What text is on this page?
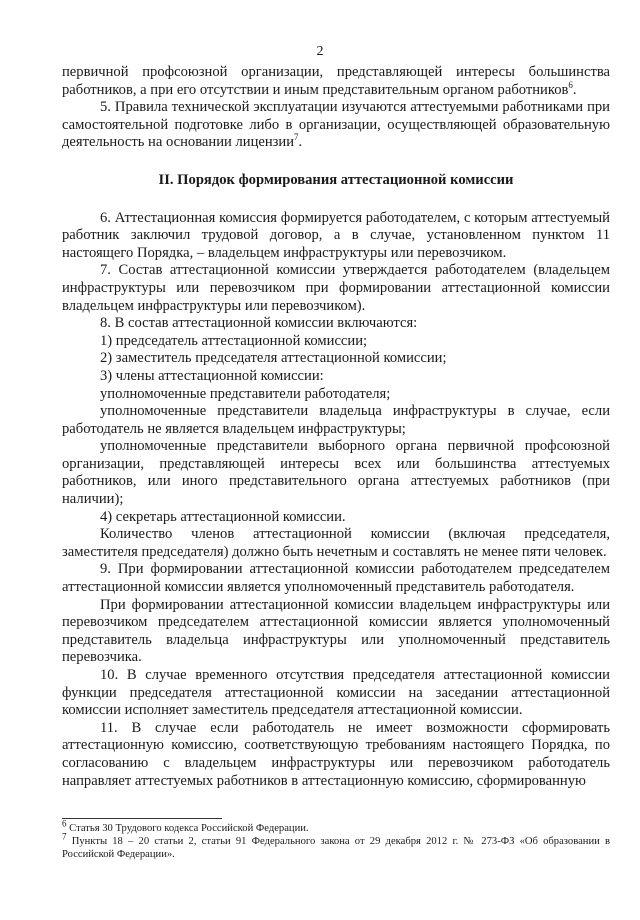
2

первичной профсоюзной организации, представляющей интересы большинства работников, а при его отсутствии и иным представительным органом работников$^6$.

5. Правила технической эксплуатации изучаются аттестуемыми работниками при самостоятельной подготовке либо в организации, осуществляющей образовательную деятельность на основании лицензии$^7$.

II. Порядок формирования аттестационной комиссии

6. Аттестационная комиссия формируется работодателем, с которым аттестуемый работник заключил трудовой договор, а в случае, установленном пунктом 11 настоящего Порядка, – владельцем инфраструктуры или перевозчиком.

7. Состав аттестационной комиссии утверждается работодателем (владельцем инфраструктуры или перевозчиком при формировании аттестационной комиссии владельцем инфраструктуры или перевозчиком).

8. В состав аттестационной комиссии включаются:

1) председатель аттестационной комиссии;

2) заместитель председателя аттестационной комиссии;

3) члены аттестационной комиссии:

уполномоченные представители работодателя;

уполномоченные представители владельца инфраструктуры в случае, если работодатель не является владельцем инфраструктуры;

уполномоченные представители выборного органа первичной профсоюзной организации, представляющей интересы всех или большинства аттестуемых работников, или иного представительного органа аттестуемых работников (при наличии);

4) секретарь аттестационной комиссии.

Количество членов аттестационной комиссии (включая председателя, заместителя председателя) должно быть нечетным и составлять не менее пяти человек.

9. При формировании аттестационной комиссии работодателем председателем аттестационной комиссии является уполномоченный представитель работодателя.

При формировании аттестационной комиссии владельцем инфраструктуры или перевозчиком председателем аттестационной комиссии является уполномоченный представитель владельца инфраструктуры или уполномоченный представитель перевозчика.

10. В случае временного отсутствия председателя аттестационной комиссии функции председателя аттестационной комиссии на заседании аттестационной комиссии исполняет заместитель председателя аттестационной комиссии.

11. В случае если работодатель не имеет возможности сформировать аттестационную комиссию, соответствующую требованиям настоящего Порядка, по согласованию с владельцем инфраструктуры или перевозчиком работодатель направляет аттестуемых работников в аттестационную комиссию, сформированную

$^6$ Статья 30 Трудового кодекса Российской Федерации.

$^7$ Пункты 18 – 20 статьи 2, статьи 91 Федерального закона от 29 декабря 2012 г. № 273-ФЗ «Об образовании в Российской Федерации».
